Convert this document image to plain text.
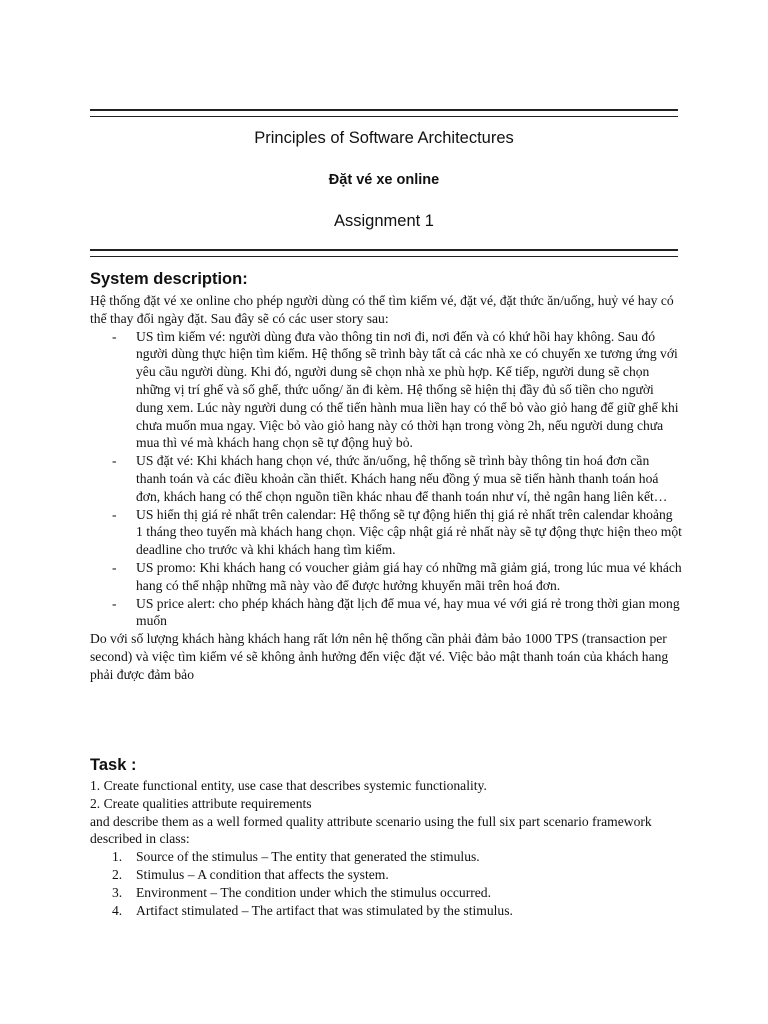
Principles of Software Architectures
Đặt vé xe online
Assignment 1
System description:

Hệ thống đặt vé xe online cho phép người dùng có thể tìm kiếm vé, đặt vé, đặt thức ăn/uống, huỷ vé hay có thể thay đổi ngày đặt. Sau đây sẽ có các user story sau:

- US tìm kiếm vé: người dùng đưa vào thông tin nơi đi, nơi đến và có khứ hồi hay không. Sau đó người dùng thực hiện tìm kiếm. Hệ thống sẽ trình bày tất cả các nhà xe có chuyến xe tương ứng với yêu cầu người dùng. Khi đó, người dung sẽ chọn nhà xe phù hợp. Kế tiếp, người dung sẽ chọn những vị trí ghế và số ghế, thức uống/ ăn đi kèm. Hệ thống sẽ hiện thị đầy đủ số tiền cho người dung xem. Lúc này người dung có thể tiến hành mua liền hay có thể bỏ vào giỏ hang để giữ ghế khi chưa muốn mua ngay. Việc bỏ vào giỏ hang này có thời hạn trong vòng 2h, nếu người dung chưa mua thì vé mà khách hang chọn sẽ tự động huỷ bỏ.
- US đặt vé: Khi khách hang chọn vé, thức ăn/uống, hệ thống sẽ trình bày thông tin hoá đơn cần thanh toán và các điều khoản cần thiết. Khách hang nếu đồng ý mua sẽ tiến hành thanh toán hoá đơn, khách hang có thể chọn nguồn tiền khác nhau để thanh toán như ví, thẻ ngân hang liên kết…
- US hiển thị giá rẻ nhất trên calendar: Hệ thống sẽ tự động hiển thị giá rẻ nhất trên calendar khoảng 1 tháng theo tuyến mà khách hang chọn. Việc cập nhật giá rẻ nhất này sẽ tự động thực hiện theo một deadline cho trước và khi khách hang tìm kiếm.
- US promo: Khi khách hang có voucher giảm giá hay có những mã giảm giá, trong lúc mua vé khách hang có thể nhập những mã này vào để được hưởng khuyến mãi trên hoá đơn.
- US price alert: cho phép khách hàng đặt lịch để mua vé, hay mua vé với giá rẻ trong thời gian mong muốn

Do với số lượng khách hàng khách hang rất lớn nên hệ thống cần phải đảm bảo 1000 TPS (transaction per second) và việc tìm kiếm vé sẽ không ảnh hưởng đến việc đặt vé. Việc bảo mật thanh toán của khách hang phải được đảm bảo

Task :

1. Create functional entity, use case that describes systemic functionality.

2. Create qualities attribute requirements

and describe them as a well formed quality attribute scenario using the full six part scenario framework described in class:

1. Source of the stimulus – The entity that generated the stimulus.
2. Stimulus – A condition that affects the system.
3. Environment – The condition under which the stimulus occurred.
4. Artifact stimulated – The artifact that was stimulated by the stimulus.
